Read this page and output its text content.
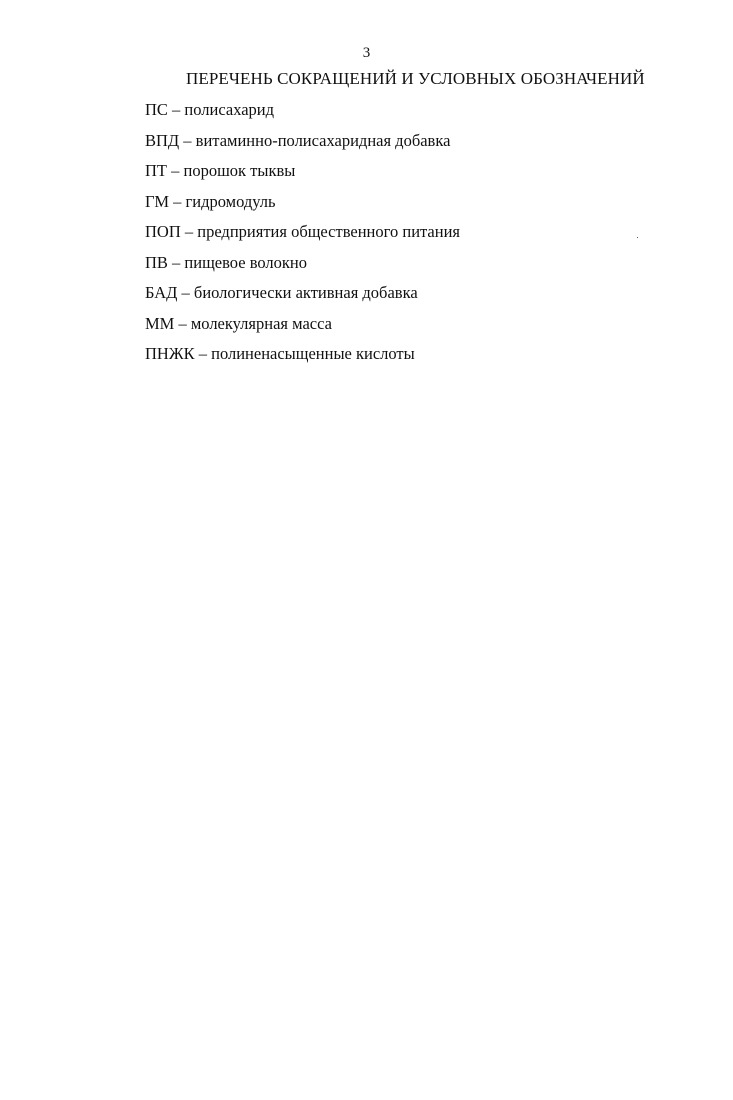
3
ПЕРЕЧЕНЬ СОКРАЩЕНИЙ И УСЛОВНЫХ ОБОЗНАЧЕНИЙ
ПС – полисахарид
ВПД – витаминно-полисахаридная добавка
ПТ – порошок тыквы
ГМ – гидромодуль
ПОП – предприятия общественного питания
ПВ – пищевое волокно
БАД – биологически активная добавка
ММ – молекулярная масса
ПНЖК – полиненасыщенные кислоты
